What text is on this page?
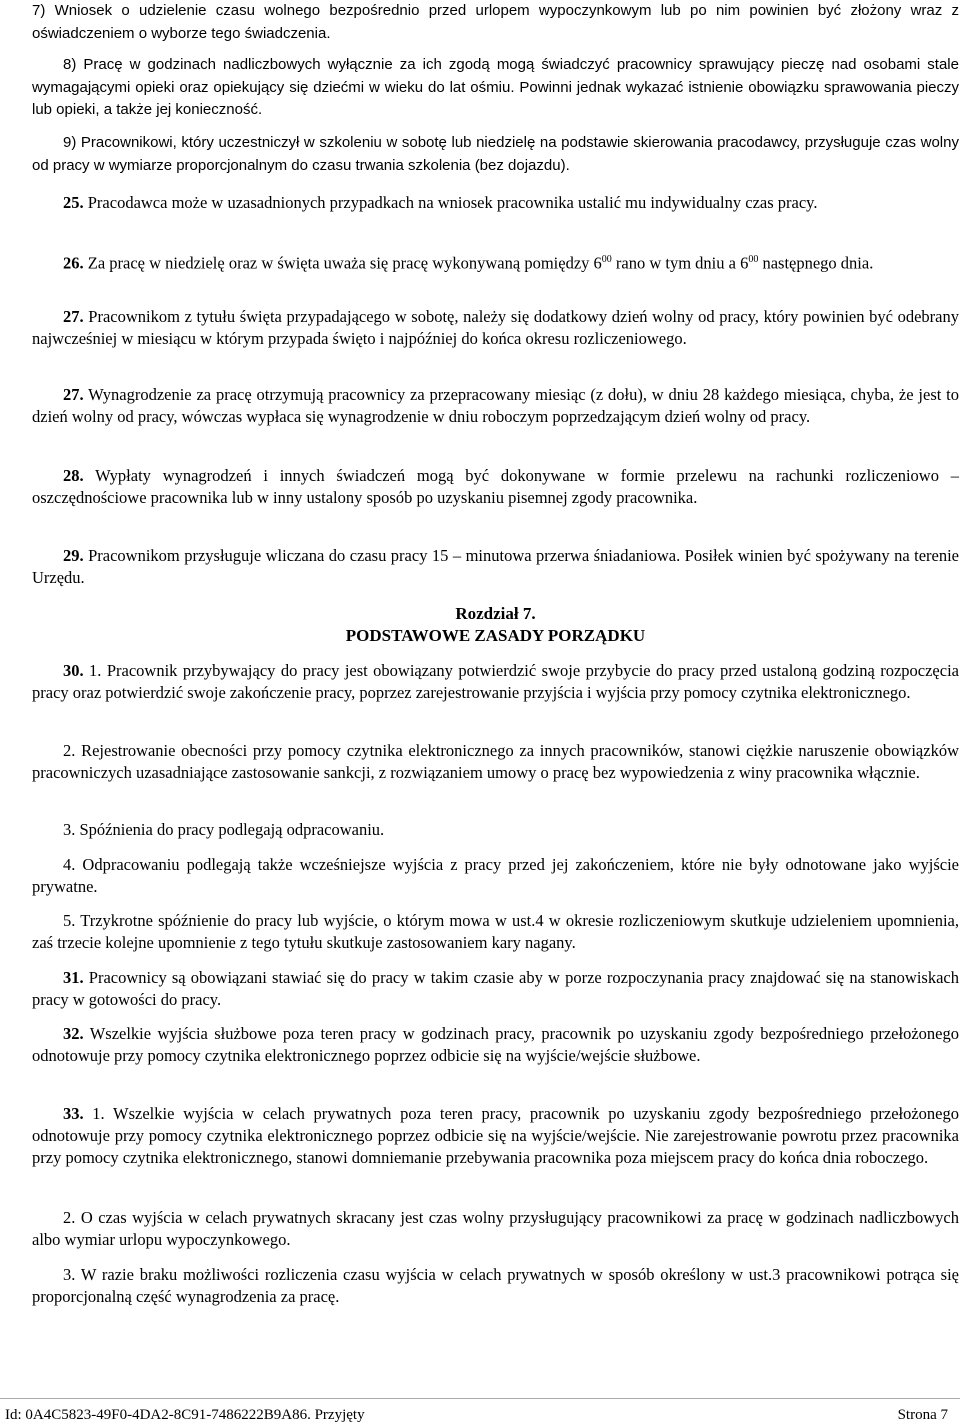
7) Wniosek o udzielenie czasu wolnego bezpośrednio przed urlopem wypoczynkowym lub po nim powinien być złożony wraz z oświadczeniem o wyborze tego świadczenia.
8) Pracę w godzinach nadliczbowych wyłącznie za ich zgodą mogą świadczyć pracownicy sprawujący pieczę nad osobami stale wymagającymi opieki oraz opiekujący się dziećmi w wieku do lat ośmiu. Powinni jednak wykazać istnienie obowiązku sprawowania pieczy lub opieki, a także jej konieczność.
9) Pracownikowi, który uczestniczył w szkoleniu w sobotę lub niedzielę na podstawie skierowania pracodawcy, przysługuje czas wolny od pracy w wymiarze proporcjonalnym do czasu trwania szkolenia (bez dojazdu).
25. Pracodawca może w uzasadnionych przypadkach na wniosek pracownika ustalić mu indywidualny czas pracy.
26. Za pracę w niedzielę oraz w święta uważa się pracę wykonywaną pomiędzy $6^{00}$ rano w tym dniu a $6^{00}$ następnego dnia.
27. Pracownikom z tytułu święta przypadającego w sobotę, należy się dodatkowy dzień wolny od pracy, który powinien być odebrany najwcześniej w miesiącu w którym przypada święto i najpóźniej do końca okresu rozliczeniowego.
27. Wynagrodzenie za pracę otrzymują pracownicy za przepracowany miesiąc (z dołu), w dniu 28 każdego miesiąca, chyba, że jest to dzień wolny od pracy, wówczas wypłaca się wynagrodzenie w dniu roboczym poprzedzającym dzień wolny od pracy.
28. Wypłaty wynagrodzeń i innych świadczeń mogą być dokonywane w formie przelewu na rachunki rozliczeniowo – oszczędnościowe pracownika lub w inny ustalony sposób po uzyskaniu pisemnej zgody pracownika.
29. Pracownikom przysługuje wliczana do czasu pracy 15 – minutowa przerwa śniadaniowa. Posiłek winien być spożywany na terenie Urzędu.
Rozdział 7.
PODSTAWOWE ZASADY PORZĄDKU
30. 1. Pracownik przybywający do pracy jest obowiązany potwierdzić swoje przybycie do pracy przed ustaloną godziną rozpoczęcia pracy oraz potwierdzić swoje zakończenie pracy, poprzez zarejestrowanie przyjścia i wyjścia przy pomocy czytnika elektronicznego.
2. Rejestrowanie obecności przy pomocy czytnika elektronicznego za innych pracowników, stanowi ciężkie naruszenie obowiązków pracowniczych uzasadniające zastosowanie sankcji, z rozwiązaniem umowy o pracę bez wypowiedzenia z winy pracownika włącznie.
3. Spóźnienia do pracy podlegają odpracowaniu.
4. Odpracowaniu podlegają także wcześniejsze wyjścia z pracy przed jej zakończeniem, które nie były odnotowane jako wyjście prywatne.
5. Trzykrotne spóźnienie do pracy lub wyjście, o którym mowa w ust.4 w okresie rozliczeniowym skutkuje udzieleniem upomnienia, zaś trzecie kolejne upomnienie z tego tytułu skutkuje zastosowaniem kary nagany.
31. Pracownicy są obowiązani stawiać się do pracy w takim czasie aby w porze rozpoczynania pracy znajdować się na stanowiskach pracy w gotowości do pracy.
32. Wszelkie wyjścia służbowe poza teren pracy w godzinach pracy, pracownik po uzyskaniu zgody bezpośredniego przełożonego odnotowuje przy pomocy czytnika elektronicznego poprzez odbicie się na wyjście/wejście służbowe.
33. 1. Wszelkie wyjścia w celach prywatnych poza teren pracy, pracownik po uzyskaniu zgody bezpośredniego przełożonego odnotowuje przy pomocy czytnika elektronicznego poprzez odbicie się na wyjście/wejście. Nie zarejestrowanie powrotu przez pracownika przy pomocy czytnika elektronicznego, stanowi domniemanie przebywania pracownika poza miejscem pracy do końca dnia roboczego.
2. O czas wyjścia w celach prywatnych skracany jest czas wolny przysługujący pracownikowi za pracę w godzinach nadliczbowych albo wymiar urlopu wypoczynkowego.
3. W razie braku możliwości rozliczenia czasu wyjścia w celach prywatnych w sposób określony w ust.3 pracownikowi potrąca się proporcjonalną część wynagrodzenia za pracę.
Id: 0A4C5823-49F0-4DA2-8C91-7486222B9A86. Przyjęty	Strona 7
